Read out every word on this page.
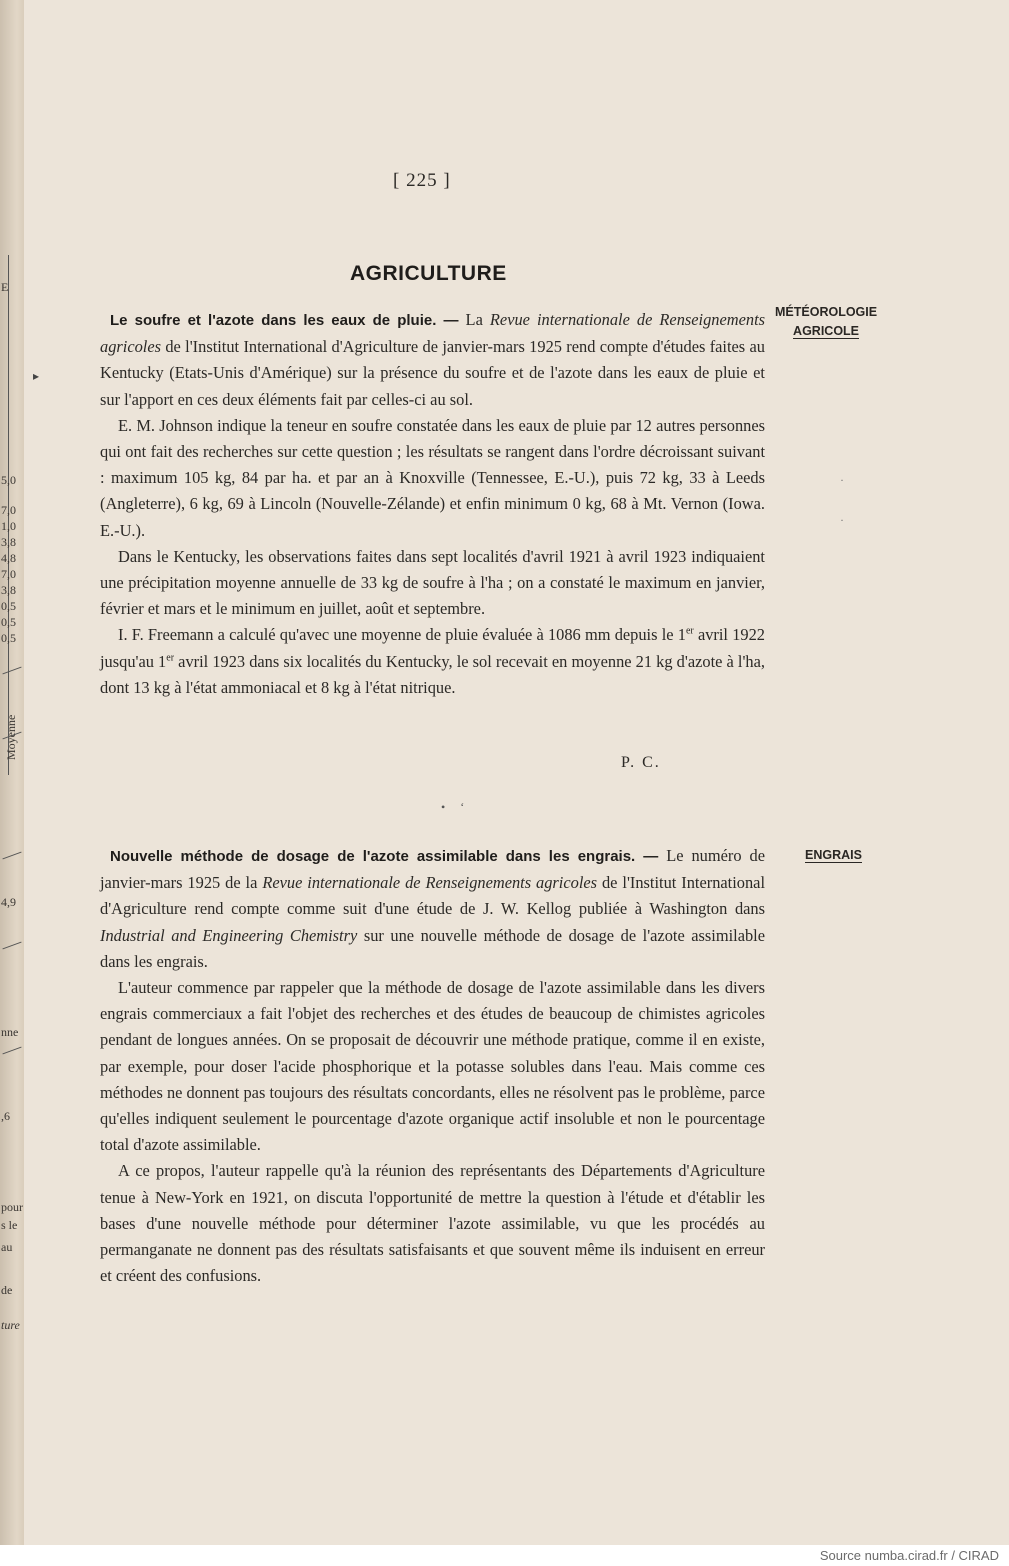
E
5,0
7,0
1,0
3,8
4,8
7,0
3,8
0,5
0,5
0,5
Moyenne
4,9
nne
,6
pour
s le
au
de
ture
▸
[ 225 ]
AGRICULTURE
MÉTÉOROLOGIE
AGRICOLE
ENGRAIS
·
·

Le soufre et l'azote dans les eaux de pluie. — La Revue internationale de Renseignements agricoles de l'Institut International d'Agriculture de janvier-mars 1925 rend compte d'études faites au Kentucky (Etats-Unis d'Amérique) sur la présence du soufre et de l'azote dans les eaux de pluie et sur l'apport en ces deux éléments fait par celles-ci au sol.

E. M. Johnson indique la teneur en soufre constatée dans les eaux de pluie par 12 autres personnes qui ont fait des recherches sur cette question ; les résultats se rangent dans l'ordre décroissant suivant : maximum 105 kg, 84 par ha. et par an à Knoxville (Tennessee, E.-U.), puis 72 kg, 33 à Leeds (Angleterre), 6 kg, 69 à Lincoln (Nouvelle-Zélande) et enfin minimum 0 kg, 68 à Mt. Vernon (Iowa. E.-U.).

Dans le Kentucky, les observations faites dans sept localités d'avril 1921 à avril 1923 indiquaient une précipitation moyenne annuelle de 33 kg de soufre à l'ha ; on a constaté le maximum en janvier, février et mars et le minimum en juillet, août et septembre.

I. F. Freemann a calculé qu'avec une moyenne de pluie évaluée à 1086 mm depuis le 1er avril 1922 jusqu'au 1er avril 1923 dans six localités du Kentucky, le sol recevait en moyenne 21 kg d'azote à l'ha, dont 13 kg à l'état ammoniacal et 8 kg à l'état nitrique.

P. C.
• ʻ

Nouvelle méthode de dosage de l'azote assimilable dans les engrais. — Le numéro de janvier-mars 1925 de la Revue internationale de Renseignements agricoles de l'Institut International d'Agriculture rend compte comme suit d'une étude de J. W. Kellog publiée à Washington dans Industrial and Engineering Chemistry sur une nouvelle méthode de dosage de l'azote assimilable dans les engrais.

L'auteur commence par rappeler que la méthode de dosage de l'azote assimilable dans les divers engrais commerciaux a fait l'objet des recherches et des études de beaucoup de chimistes agricoles pendant de longues années. On se proposait de découvrir une méthode pratique, comme il en existe, par exemple, pour doser l'acide phosphorique et la potasse solubles dans l'eau. Mais comme ces méthodes ne donnent pas toujours des résultats concordants, elles ne résolvent pas le problème, parce qu'elles indiquent seulement le pourcentage d'azote organique actif insoluble et non le pourcentage total d'azote assimilable.

A ce propos, l'auteur rappelle qu'à la réunion des représentants des Départements d'Agriculture tenue à New-York en 1921, on discuta l'opportunité de mettre la question à l'étude et d'établir les bases d'une nouvelle méthode pour déterminer l'azote assimilable, vu que les procédés au permanganate ne donnent pas des résultats satisfaisants et que souvent même ils induisent en erreur et créent des confusions.

Source numba.cirad.fr / CIRAD
